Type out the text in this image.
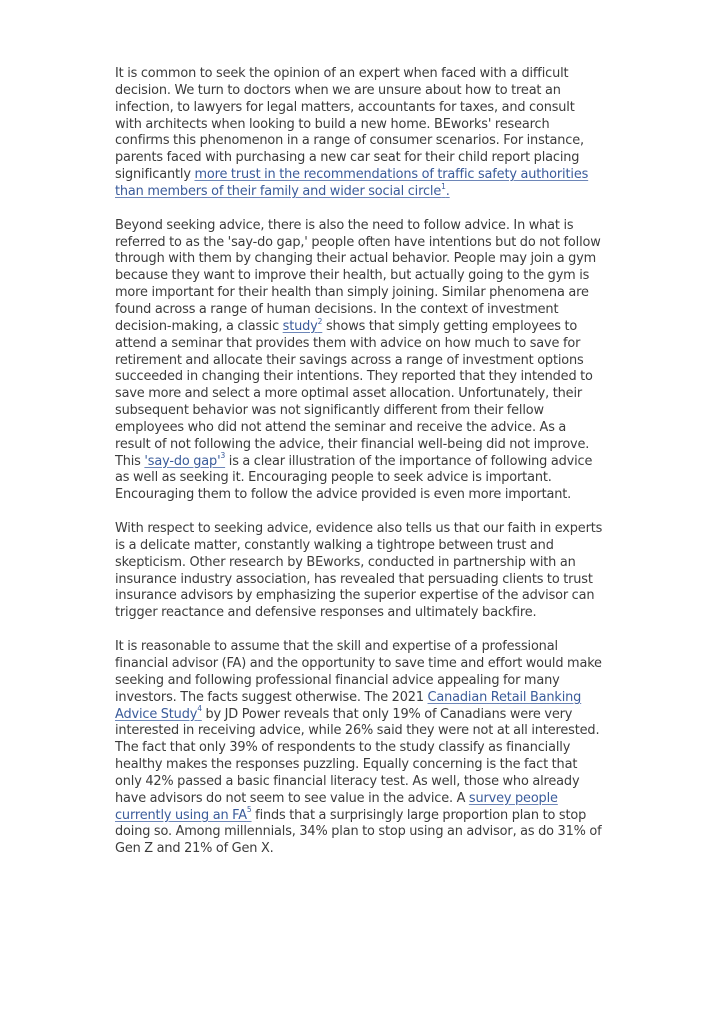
It is common to seek the opinion of an expert when faced with a difficult decision. We turn to doctors when we are unsure about how to treat an infection, to lawyers for legal matters, accountants for taxes, and consult with architects when looking to build a new home. BEworks' research confirms this phenomenon in a range of consumer scenarios. For instance, parents faced with purchasing a new car seat for their child report placing significantly more trust in the recommendations of traffic safety authorities than members of their family and wider social circle$^1$.

Beyond seeking advice, there is also the need to follow advice. In what is referred to as the 'say-do gap,' people often have intentions but do not follow through with them by changing their actual behavior. People may join a gym because they want to improve their health, but actually going to the gym is more important for their health than simply joining. Similar phenomena are found across a range of human decisions. In the context of investment decision-making, a classic study$^2$ shows that simply getting employees to attend a seminar that provides them with advice on how much to save for retirement and allocate their savings across a range of investment options succeeded in changing their intentions. They reported that they intended to save more and select a more optimal asset allocation. Unfortunately, their subsequent behavior was not significantly different from their fellow employees who did not attend the seminar and receive the advice. As a result of not following the advice, their financial well-being did not improve. This 'say-do $gap'^3$ is a clear illustration of the importance of following advice as well as seeking it. Encouraging people to seek advice is important. Encouraging them to follow the advice provided is even more important.

With respect to seeking advice, evidence also tells us that our faith in experts is a delicate matter, constantly walking a tightrope between trust and skepticism. Other research by BEworks, conducted in partnership with an insurance industry association, has revealed that persuading clients to trust insurance advisors by emphasizing the superior expertise of the advisor can trigger reactance and defensive responses and ultimately backfire.

It is reasonable to assume that the skill and expertise of a professional financial advisor (FA) and the opportunity to save time and effort would make seeking and following professional financial advice appealing for many investors. The facts suggest otherwise. The 2021 Canadian Retail Banking Advice Study$^4$ by JD Power reveals that only 19% of Canadians were very interested in receiving advice, while 26% said they were not at all interested. The fact that only 39% of respondents to the study classify as financially healthy makes the responses puzzling. Equally concerning is the fact that only 42% passed a basic financial literacy test. As well, those who already have advisors do not seem to see value in the advice. A survey people currently using an $FA^5$ finds that a surprisingly large proportion plan to stop doing so. Among millennials, 34% plan to stop using an advisor, as do 31% of Gen Z and 21% of Gen X.
